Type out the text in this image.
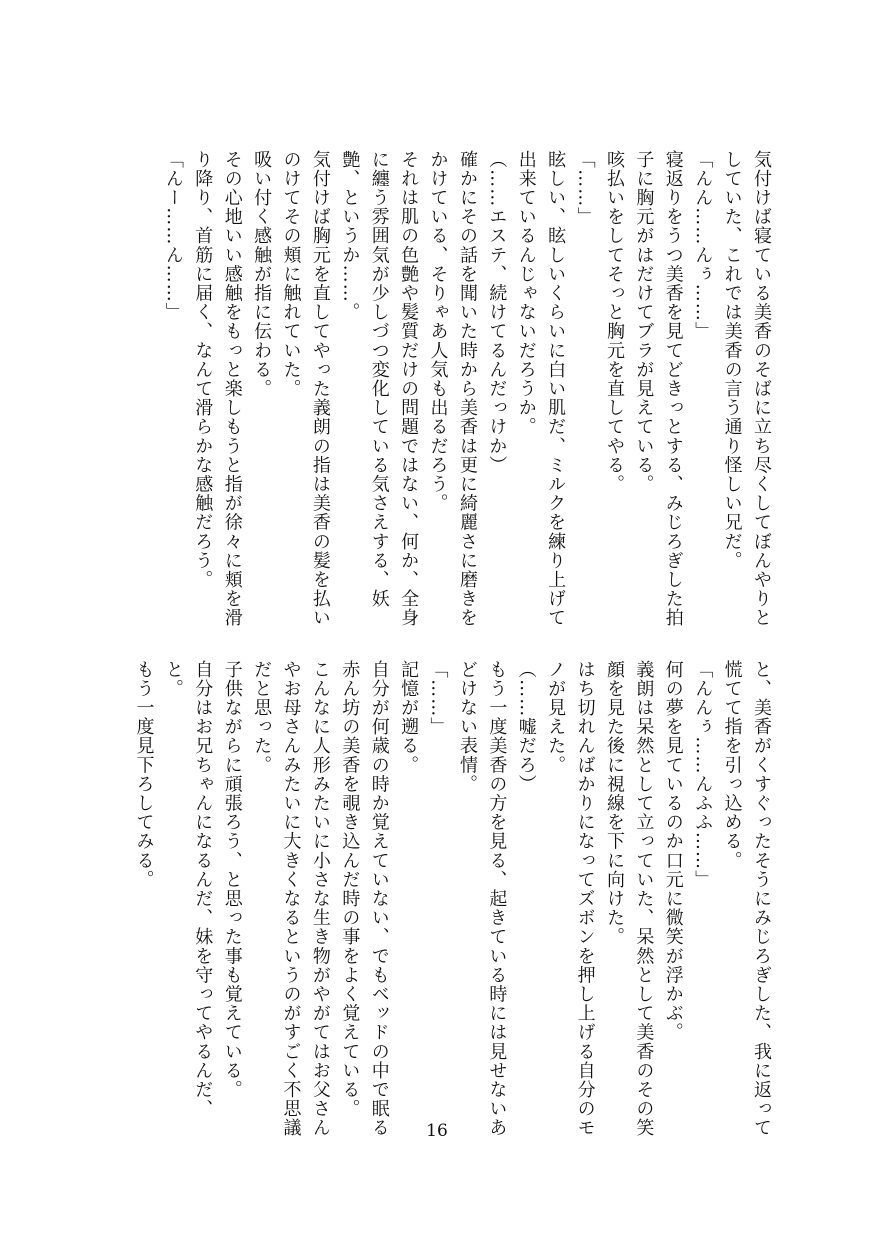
気付けば寝ている美香のそばに立ち尽くしてぼんやりと
していた、これでは美香の言う通り怪しい兄だ。
「んん……んぅ……」
寝返りをうつ美香を見てどきっとする、みじろぎした拍
子に胸元がはだけてブラが見えている。
咳払いをしてそっと胸元を直してやる。
「……」
眩しい、眩しいくらいに白い肌だ、ミルクを練り上げて
出来ているんじゃないだろうか。
（……エステ、続けてるんだっけか）
確かにその話を聞いた時から美香は更に綺麗さに磨きを
かけている、そりゃあ人気も出るだろう。
それは肌の色艶や髪質だけの問題ではない、何か、全身
に纏う雰囲気が少しづつ変化している気さえする、妖
艶、というか……。
気付けば胸元を直してやった義朗の指は美香の髪を払い
のけてその頬に触れていた。
吸い付く感触が指に伝わる。
その心地いい感触をもっと楽しもうと指が徐々に頬を滑
り降り、首筋に届く、なんて滑らかな感触だろう。
「んー……ん……」
と、美香がくすぐったそうにみじろぎした、我に返って
慌てて指を引っ込める。
「んんぅ……んふふ……」
何の夢を見ているのか口元に微笑が浮かぶ。
義朗は呆然として立っていた、呆然として美香のその笑
顔を見た後に視線を下に向けた。
はち切れんばかりになってズボンを押し上げる自分のモ
ノが見えた。
（……嘘だろ）
もう一度美香の方を見る、起きている時には見せないあ
どけない表情。
「……」
記憶が遡る。
自分が何歳の時か覚えていない、でもベッドの中で眠る
赤ん坊の美香を覗き込んだ時の事をよく覚えている。
こんなに人形みたいに小さな生き物がやがてはお父さん
やお母さんみたいに大きくなるというのがすごく不思議
だと思った。
子供ながらに頑張ろう、と思った事も覚えている。
自分はお兄ちゃんになるんだ、妹を守ってやるんだ、
と。
もう一度見下ろしてみる。
16
